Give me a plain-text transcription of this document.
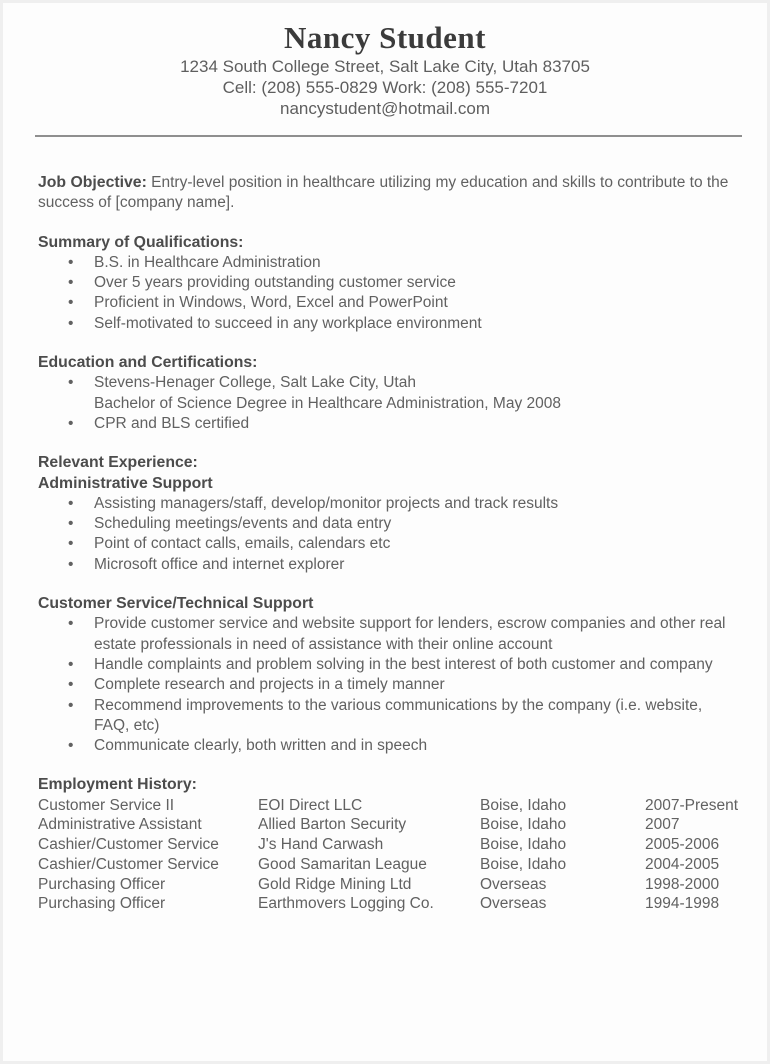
Nancy Student
1234 South College Street, Salt Lake City, Utah 83705
Cell: (208) 555-0829 Work: (208) 555-7201
nancystudent@hotmail.com

Job Objective: Entry-level position in healthcare utilizing my education and skills to contribute to the success of [company name].

Summary of Qualifications:
• B.S. in Healthcare Administration
• Over 5 years providing outstanding customer service
• Proficient in Windows, Word, Excel and PowerPoint
• Self-motivated to succeed in any workplace environment
Education and Certifications:
• Stevens-Henager College, Salt Lake City, Utah
Bachelor of Science Degree in Healthcare Administration, May 2008
• CPR and BLS certified
Relevant Experience:
Administrative Support
• Assisting managers/staff, develop/monitor projects and track results
• Scheduling meetings/events and data entry
• Point of contact calls, emails, calendars etc
• Microsoft office and internet explorer
Customer Service/Technical Support
• Provide customer service and website support for lenders, escrow companies and other real estate professionals in need of assistance with their online account
• Handle complaints and problem solving in the best interest of both customer and company
• Complete research and projects in a timely manner
• Recommend improvements to the various communications by the company (i.e. website, FAQ, etc)
• Communicate clearly, both written and in speech
Employment History:
Customer Service II	EOI Direct LLC	Boise, Idaho	2007-Present
Administrative Assistant	Allied Barton Security	Boise, Idaho	2007
Cashier/Customer Service	J's Hand Carwash	Boise, Idaho	2005-2006
Cashier/Customer Service	Good Samaritan League	Boise, Idaho	2004-2005
Purchasing Officer	Gold Ridge Mining Ltd	Overseas	1998-2000
Purchasing Officer	Earthmovers Logging Co.	Overseas	1994-1998
